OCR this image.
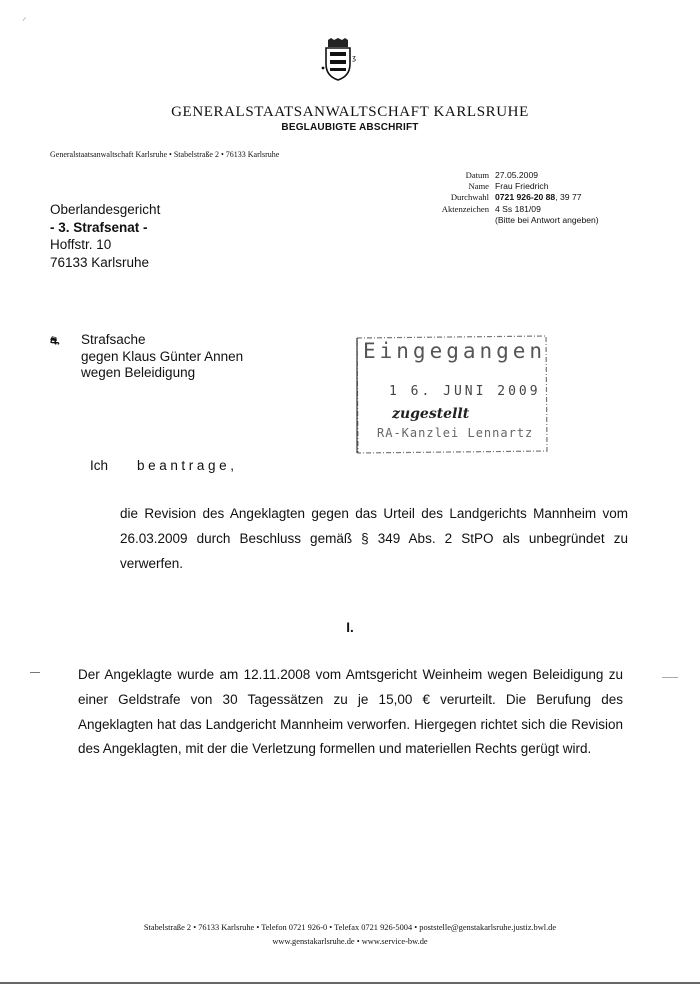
⸝
ʒ
GENERALSTAATSANWALTSCHAFT KARLSRUHE
BEGLAUBIGTE ABSCHRIFT
Generalstaatsanwaltschaft Karlsruhe • Stabelstraße 2 • 76133 Karlsruhe
Datum 27.05.2009
Name Frau Friedrich
Durchwahl 0721 926-20 88, 39 77
Aktenzeichen 4 Ss 181/09
(Bitte bei Antwort angeben)
Oberlandesgericht
- 3. Strafsenat -
Hoffstr. 10
76133 Karlsruhe
⛐	Strafsache
gegen Klaus Günter Annen
wegen Beleidigung
Eingegangen
1 6. JUNI 2009
zugestellt
RA-Kanzlei Lennartz
Ich beantrage,
die Revision des Angeklagten gegen das Urteil des Landgerichts Mannheim vom 26.03.2009 durch Beschluss gemäß § 349 Abs. 2 StPO als unbegründet zu verwerfen.
I.
Der Angeklagte wurde am 12.11.2008 vom Amtsgericht Weinheim wegen Beleidigung zu einer Geldstrafe von 30 Tagessätzen zu je 15,00 € verurteilt. Die Berufung des Angeklagten hat das Landgericht Mannheim verworfen. Hiergegen richtet sich die Revision des Angeklagten, mit der die Verletzung formellen und materiellen Rechts gerügt wird.
Stabelstraße 2 • 76133 Karlsruhe • Telefon 0721 926-0 • Telefax 0721 926-5004 • poststelle@genstakarlsruhe.justiz.bwl.de
www.genstakarlsruhe.de • www.service-bw.de
